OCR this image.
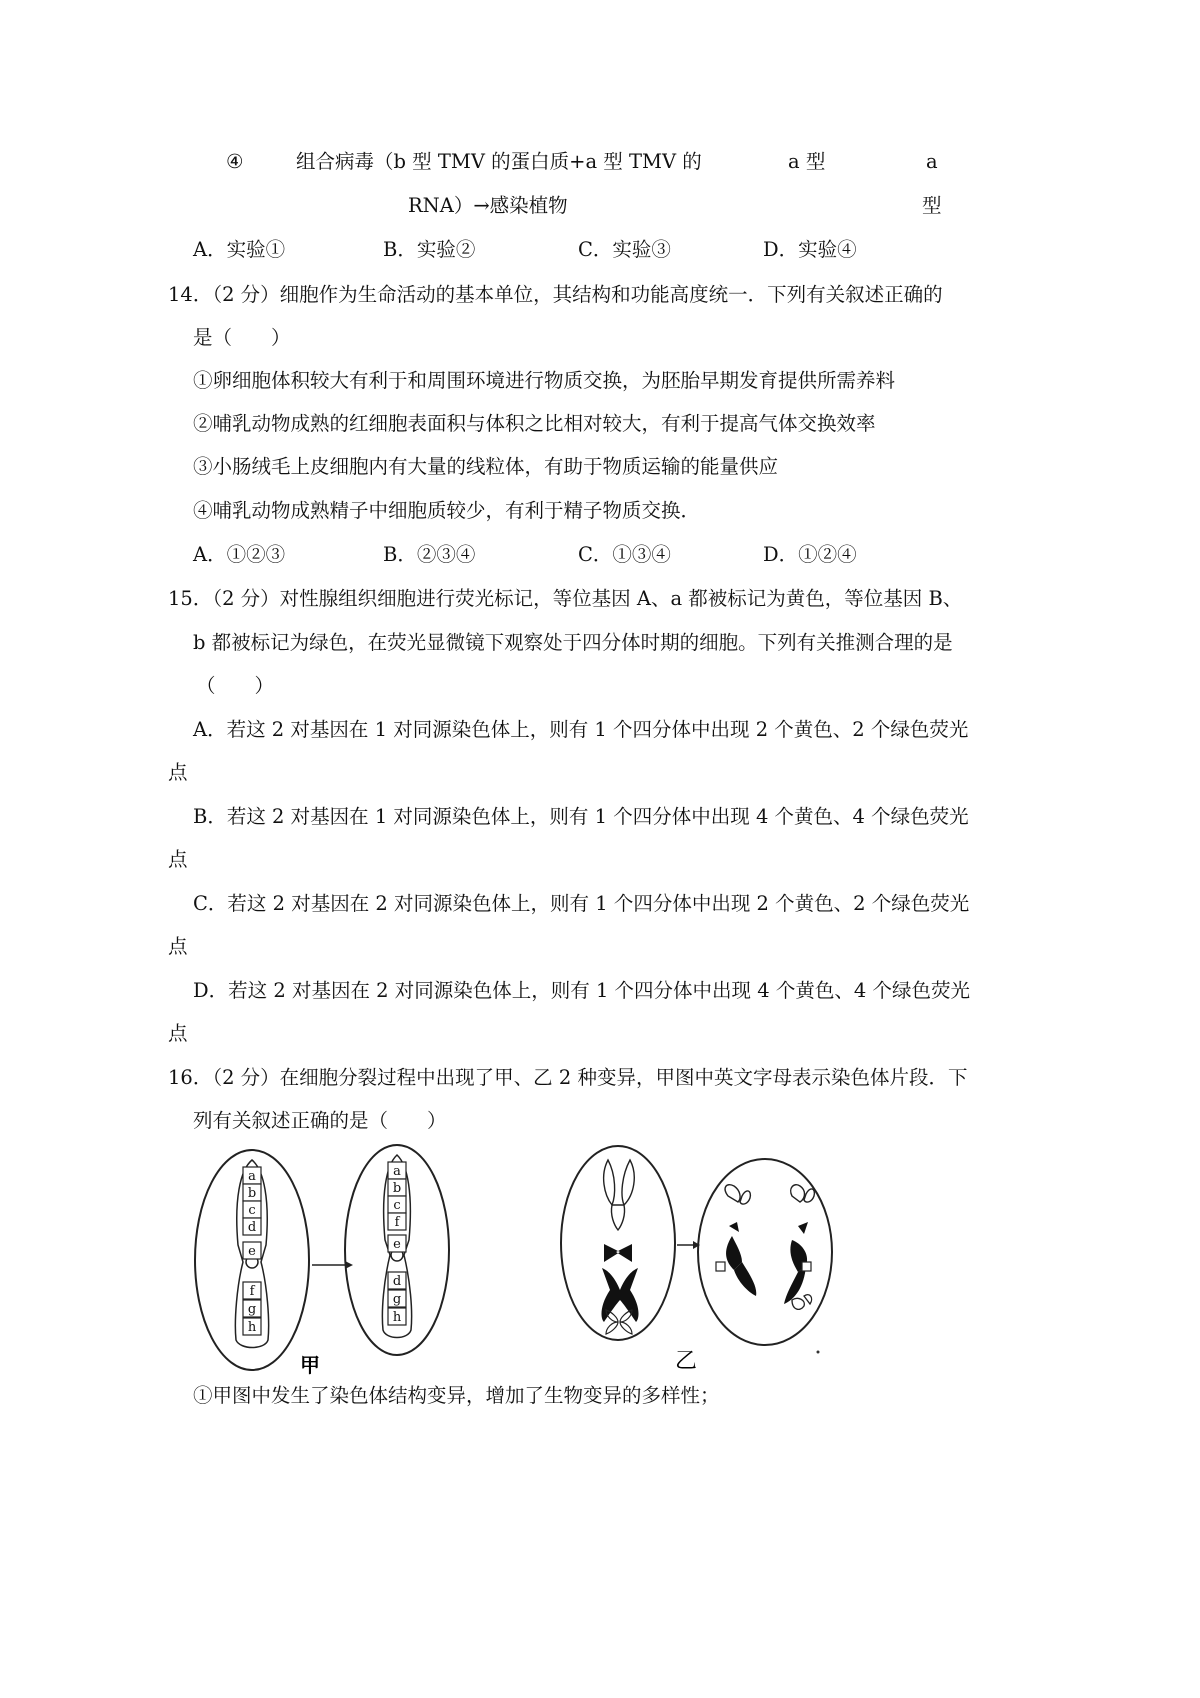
④	组合病毒（b 型 TMV 的蛋白质+a 型 TMV 的
RNA）→感染植物
a 型	a
型
A．实验①	B．实验②	C．实验③	D．实验④
14．（2 分）细胞作为生命活动的基本单位，其结构和功能高度统一．下列有关叙述正确的
是（　　）
①卵细胞体积较大有利于和周围环境进行物质交换，为胚胎早期发育提供所需养料
②哺乳动物成熟的红细胞表面积与体积之比相对较大，有利于提高气体交换效率
③小肠绒毛上皮细胞内有大量的线粒体，有助于物质运输的能量供应
④哺乳动物成熟精子中细胞质较少，有利于精子物质交换．
A．①②③	B．②③④	C．①③④	D．①②④
15．（2 分）对性腺组织细胞进行荧光标记，等位基因 A、a 都被标记为黄色，等位基因 B、
b 都被标记为绿色，在荧光显微镜下观察处于四分体时期的细胞。下列有关推测合理的是
（　　）
A．若这 2 对基因在 1 对同源染色体上，则有 1 个四分体中出现 2 个黄色、2 个绿色荧光
点
B．若这 2 对基因在 1 对同源染色体上，则有 1 个四分体中出现 4 个黄色、4 个绿色荧光
点
C．若这 2 对基因在 2 对同源染色体上，则有 1 个四分体中出现 2 个黄色、2 个绿色荧光
点
D．若这 2 对基因在 2 对同源染色体上，则有 1 个四分体中出现 4 个黄色、4 个绿色荧光
点
16．（2 分）在细胞分裂过程中出现了甲、乙 2 种变异，甲图中英文字母表示染色体片段．下
列有关叙述正确的是（　　）
a
b
c
d
e
f
g
h
a
b
c
f
e
d
g
h
甲	乙
①甲图中发生了染色体结构变异，增加了生物变异的多样性；
